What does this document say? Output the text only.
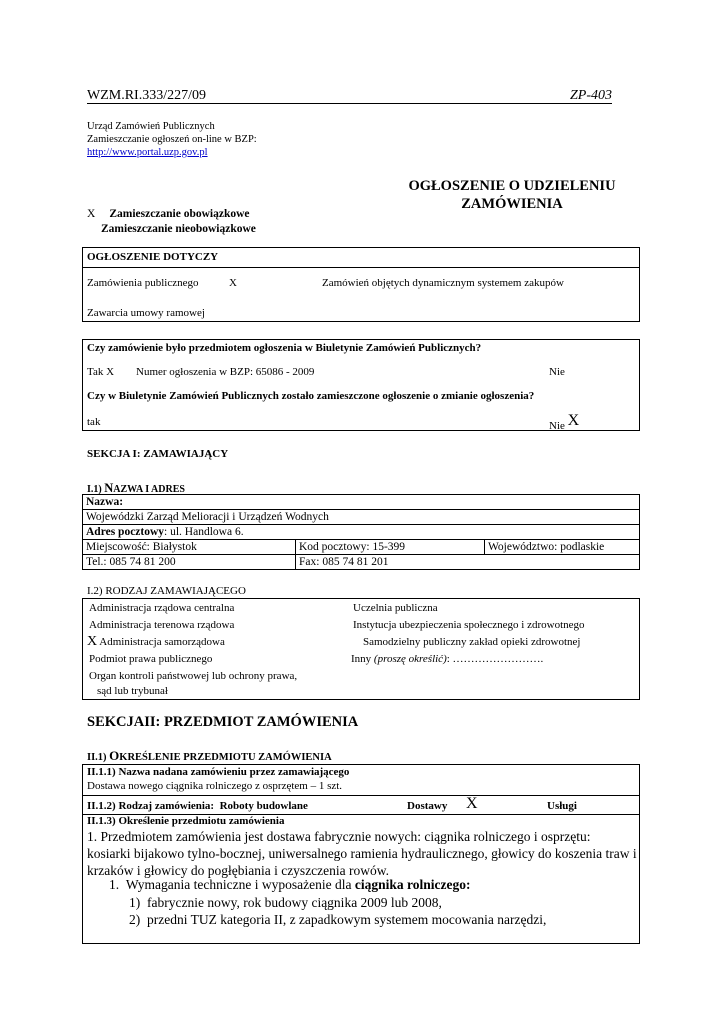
WZM.RI.333/227/09	ZP-403
Urząd Zamówień Publicznych
Zamieszczanie ogłoszeń on-line w BZP:
http://www.portal.uzp.gov.pl
OGŁOSZENIE O UDZIELENIU
ZAMÓWIENIA
X Zamieszczanie obowiązkowe
Zamieszczanie nieobowiązkowe
OGŁOSZENIE DOTYCZY
Zamówienia publicznego	X	Zamówień objętych dynamicznym systemem zakupów
Zawarcia umowy ramowej
Czy zamówienie było przedmiotem ogłoszenia w Biuletynie Zamówień Publicznych?
Tak X Numer ogłoszenia w BZP: 65086 - 2009	Nie
Czy w Biuletynie Zamówień Publicznych zostało zamieszczone ogłoszenie o zmianie ogłoszenia?
tak	Nie X
SEKCJA I: ZAMAWIAJĄCY
I.1) NAZWA I ADRES
Nazwa:		
Wojewódzki Zarząd Melioracji i Urządzeń Wodnych		
Adres pocztowy: ul. Handlowa 6.		
Miejscowość: Białystok	Kod pocztowy: 15-399	Województwo: podlaskie
Tel.: 085 74 81 200	Fax: 085 74 81 201	
I.2) RODZAJ ZAMAWIAJĄCEGO
Administracja rządowa centralna
Administracja terenowa rządowa
X Administracja samorządowa
Podmiot prawa publicznego
Organ kontroli państwowej lub ochrony prawa,
sąd lub trybunał
Uczelnia publiczna
Instytucja ubezpieczenia społecznego i zdrowotnego
Samodzielny publiczny zakład opieki zdrowotnej
Inny (proszę określić): …………………….
SEKCJAII: PRZEDMIOT ZAMÓWIENIA
II.1) OKREŚLENIE PRZEDMIOTU ZAMÓWIENIA
II.1.1) Nazwa nadana zamówieniu przez zamawiającego
Dostawa nowego ciągnika rolniczego z osprzętem – 1 szt.
II.1.2) Rodzaj zamówienia: Roboty budowlane	Dostawy X	Usługi
II.1.3) Określenie przedmiotu zamówienia
1. Przedmiotem zamówienia jest dostawa fabrycznie nowych: ciągnika rolniczego i osprzętu: kosiarki bijakowo tylno-bocznej, uniwersalnego ramienia hydraulicznego, głowicy do koszenia traw i krzaków i głowicy do pogłębiania i czyszczenia rowów.
1. Wymagania techniczne i wyposażenie dla ciągnika rolniczego:
1) fabrycznie nowy, rok budowy ciągnika 2009 lub 2008,
2) przedni TUZ kategoria II, z zapadkowym systemem mocowania narzędzi,
